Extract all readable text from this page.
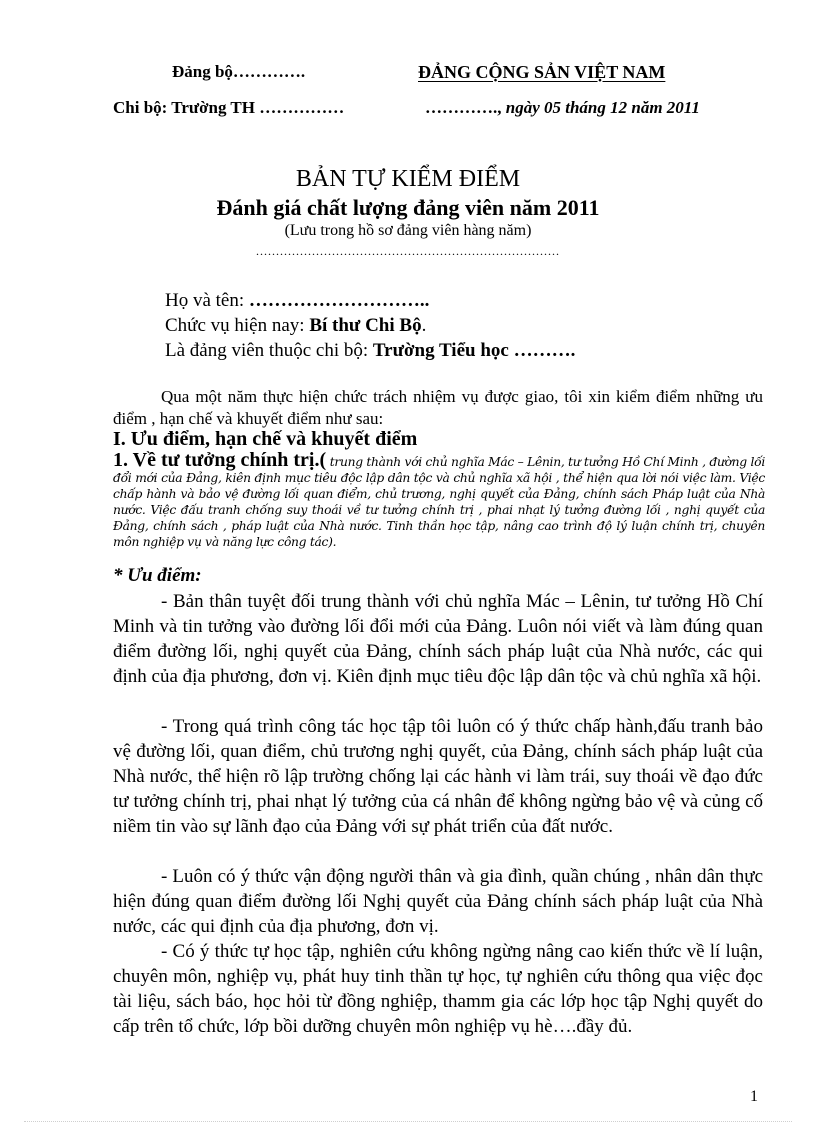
Đảng bộ………….	ĐẢNG CỘNG SẢN VIỆT NAM
Chi bộ: Trường TH ……………	…………., ngày 05 tháng 12 năm 2011
BẢN TỰ KIỂM ĐIỂM
Đánh giá chất lượng đảng viên năm 2011
(Lưu trong hồ sơ đảng viên hàng năm)
............................................................................
Họ và tên: ………………………..
Chức vụ hiện nay: Bí thư Chi Bộ.
Là đảng viên thuộc chi bộ: Trường Tiểu học ……….
Qua một năm thực hiện chức trách nhiệm vụ được giao, tôi xin kiểm điểm những ưu điểm , hạn chế và khuyết điểm như sau:
I. Ưu điểm, hạn chế và khuyết điểm
1. Về tư tưởng chính trị.( trung thành với chủ nghĩa Mác – Lênin, tư tưởng Hồ Chí Minh , đường lối đổi mới của Đảng, kiên định mục tiêu độc lập dân tộc và chủ nghĩa xã hội , thể hiện qua lời nói việc làm. Việc chấp hành và bảo vệ đường lối quan điểm, chủ trương, nghị quyết của Đảng, chính sách Pháp luật của Nhà nước. Việc đấu tranh chống suy thoái về tư tưởng chính trị , phai nhạt lý tưởng đường lối , nghị quyết của Đảng, chính sách , pháp luật của Nhà nước. Tinh thần học tập, nâng cao trình độ lý luận chính trị, chuyên môn nghiệp vụ và năng lực công tác).
* Ưu điểm:
- Bản thân tuyệt đối trung thành với chủ nghĩa Mác – Lênin, tư tưởng Hồ Chí Minh và tin tưởng vào đường lối đổi mới của Đảng. Luôn nói viết và làm đúng quan điểm đường lối, nghị quyết của Đảng, chính sách pháp luật của Nhà nước, các qui định của địa phương, đơn vị. Kiên định mục tiêu độc lập dân tộc và chủ nghĩa xã hội.
- Trong quá trình công tác học tập tôi luôn có ý thức chấp hành,đấu tranh bảo vệ đường lối, quan điểm, chủ trương nghị quyết, của Đảng, chính sách pháp luật của Nhà nước, thể hiện rõ lập trường chống lại các hành vi làm trái, suy thoái về đạo đức tư tưởng chính trị, phai nhạt lý tưởng của cá nhân để không ngừng bảo vệ và củng cố niềm tin vào sự lãnh đạo của Đảng với sự phát triển của đất nước.
- Luôn có ý thức vận động người thân và gia đình, quần chúng , nhân dân thực hiện đúng quan điểm đường lối Nghị quyết của Đảng chính sách pháp luật của Nhà nước, các qui định của địa phương, đơn vị.
- Có ý thức tự học tập, nghiên cứu không ngừng nâng cao kiến thức về lí luận, chuyên môn, nghiệp vụ, phát huy tinh thần tự học, tự nghiên cứu thông qua việc đọc tài liệu, sách báo, học hỏi từ đồng nghiệp, thamm gia các lớp học tập Nghị quyết do cấp trên tổ chức, lớp bồi dưỡng chuyên môn nghiệp vụ hè….đầy đủ.
1
